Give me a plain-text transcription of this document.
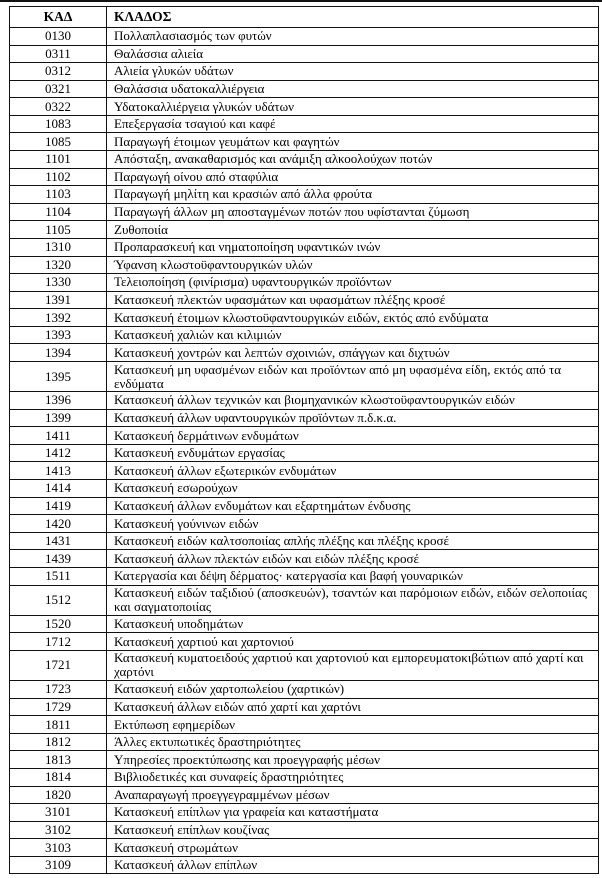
ΚΑΔ	ΚΛΑΔΟΣ
0130	Πολλαπλασιασμός των φυτών
0311	Θαλάσσια αλιεία
0312	Αλιεία γλυκών υδάτων
0321	Θαλάσσια υδατοκαλλιέργεια
0322	Υδατοκαλλιέργεια γλυκών υδάτων
1083	Επεξεργασία τσαγιού και καφέ
1085	Παραγωγή έτοιμων γευμάτων και φαγητών
1101	Απόσταξη, ανακαθαρισμός και ανάμιξη αλκοολούχων ποτών
1102	Παραγωγή οίνου από σταφύλια
1103	Παραγωγή μηλίτη και κρασιών από άλλα φρούτα
1104	Παραγωγή άλλων μη αποσταγμένων ποτών που υφίστανται ζύμωση
1105	Ζυθοποιία
1310	Προπαρασκευή και νηματοποίηση υφαντικών ινών
1320	Ύφανση κλωστοϋφαντουργικών υλών
1330	Τελειοποίηση (φινίρισμα) υφαντουργικών προϊόντων
1391	Κατασκευή πλεκτών υφασμάτων και υφασμάτων πλέξης κροσέ
1392	Κατασκευή έτοιμων κλωστοϋφαντουργικών ειδών, εκτός από ενδύματα
1393	Κατασκευή χαλιών και κιλιμιών
1394	Κατασκευή χοντρών και λεπτών σχοινιών, σπάγγων και διχτυών
1395	Κατασκευή μη υφασμένων ειδών και προϊόντων από μη υφασμένα είδη, εκτός από τα ενδύματα
1396	Κατασκευή άλλων τεχνικών και βιομηχανικών κλωστοϋφαντουργικών ειδών
1399	Κατασκευή άλλων υφαντουργικών προϊόντων π.δ.κ.α.
1411	Κατασκευή δερμάτινων ενδυμάτων
1412	Κατασκευή ενδυμάτων εργασίας
1413	Κατασκευή άλλων εξωτερικών ενδυμάτων
1414	Κατασκευή εσωρούχων
1419	Κατασκευή άλλων ενδυμάτων και εξαρτημάτων ένδυσης
1420	Κατασκευή γούνινων ειδών
1431	Κατασκευή ειδών καλτσοποιίας απλής πλέξης και πλέξης κροσέ
1439	Κατασκευή άλλων πλεκτών ειδών και ειδών πλέξης κροσέ
1511	Κατεργασία και δέψη δέρματος· κατεργασία και βαφή γουναρικών
1512	Κατασκευή ειδών ταξιδιού (αποσκευών), τσαντών και παρόμοιων ειδών, ειδών σελοποιίας και σαγματοποιίας
1520	Κατασκευή υποδημάτων
1712	Κατασκευή χαρτιού και χαρτονιού
1721	Κατασκευή κυματοειδούς χαρτιού και χαρτονιού και εμπορευματοκιβώτιων από χαρτί και χαρτόνι
1723	Κατασκευή ειδών χαρτοπωλείου (χαρτικών)
1729	Κατασκευή άλλων ειδών από χαρτί και χαρτόνι
1811	Εκτύπωση εφημερίδων
1812	Άλλες εκτυπωτικές δραστηριότητες
1813	Υπηρεσίες προεκτύπωσης και προεγγραφής μέσων
1814	Βιβλιοδετικές και συναφείς δραστηριότητες
1820	Αναπαραγωγή προεγγεγραμμένων μέσων
3101	Κατασκευή επίπλων για γραφεία και καταστήματα
3102	Κατασκευή επίπλων κουζίνας
3103	Κατασκευή στρωμάτων
3109	Κατασκευή άλλων επίπλων
